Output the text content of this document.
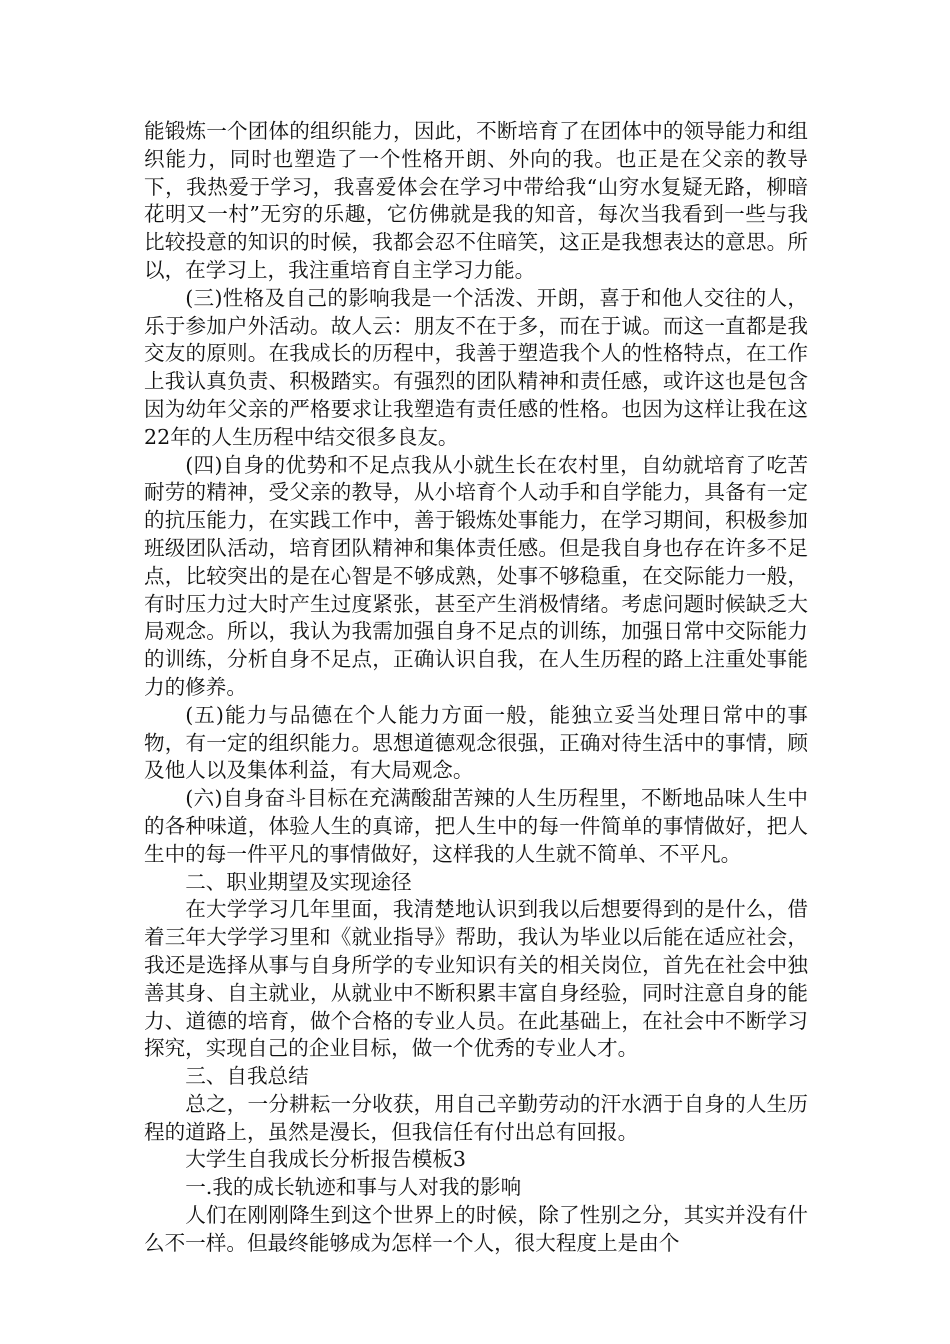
能锻炼一个团体的组织能力，因此，不断培育了在团体中的领导能力和组织能力，同时也塑造了一个性格开朗、外向的我。也正是在父亲的教导下，我热爱于学习，我喜爱体会在学习中带给我“山穷水复疑无路，柳暗花明又一村”无穷的乐趣，它仿佛就是我的知音，每次当我看到一些与我比较投意的知识的时候，我都会忍不住暗笑，这正是我想表达的意思。所以，在学习上，我注重培育自主学习力能。

(三)性格及自己的影响我是一个活泼、开朗，喜于和他人交往的人，乐于参加户外活动。故人云：朋友不在于多，而在于诚。而这一直都是我交友的原则。在我成长的历程中，我善于塑造我个人的性格特点，在工作上我认真负责、积极踏实。有强烈的团队精神和责任感，或许这也是包含因为幼年父亲的严格要求让我塑造有责任感的性格。也因为这样让我在这22年的人生历程中结交很多良友。

(四)自身的优势和不足点我从小就生长在农村里，自幼就培育了吃苦耐劳的精神，受父亲的教导，从小培育个人动手和自学能力，具备有一定的抗压能力，在实践工作中，善于锻炼处事能力，在学习期间，积极参加班级团队活动，培育团队精神和集体责任感。但是我自身也存在许多不足点，比较突出的是在心智是不够成熟，处事不够稳重，在交际能力一般，有时压力过大时产生过度紧张，甚至产生消极情绪。考虑问题时候缺乏大局观念。所以，我认为我需加强自身不足点的训练，加强日常中交际能力的训练，分析自身不足点，正确认识自我，在人生历程的路上注重处事能力的修养。

(五)能力与品德在个人能力方面一般，能独立妥当处理日常中的事物，有一定的组织能力。思想道德观念很强，正确对待生活中的事情，顾及他人以及集体利益，有大局观念。

(六)自身奋斗目标在充满酸甜苦辣的人生历程里，不断地品味人生中的各种味道，体验人生的真谛，把人生中的每一件简单的事情做好，把人生中的每一件平凡的事情做好，这样我的人生就不简单、不平凡。

二、职业期望及实现途径

在大学学习几年里面，我清楚地认识到我以后想要得到的是什么，借着三年大学学习里和《就业指导》帮助，我认为毕业以后能在适应社会，我还是选择从事与自身所学的专业知识有关的相关岗位，首先在社会中独善其身、自主就业，从就业中不断积累丰富自身经验，同时注意自身的能力、道德的培育，做个合格的专业人员。在此基础上，在社会中不断学习探究，实现自己的企业目标，做一个优秀的专业人才。

三、自我总结

总之，一分耕耘一分收获，用自己辛勤劳动的汗水洒于自身的人生历程的道路上，虽然是漫长，但我信任有付出总有回报。

大学生自我成长分析报告模板3

一.我的成长轨迹和事与人对我的影响

人们在刚刚降生到这个世界上的时候，除了性别之分，其实并没有什么不一样。但最终能够成为怎样一个人，很大程度上是由个
